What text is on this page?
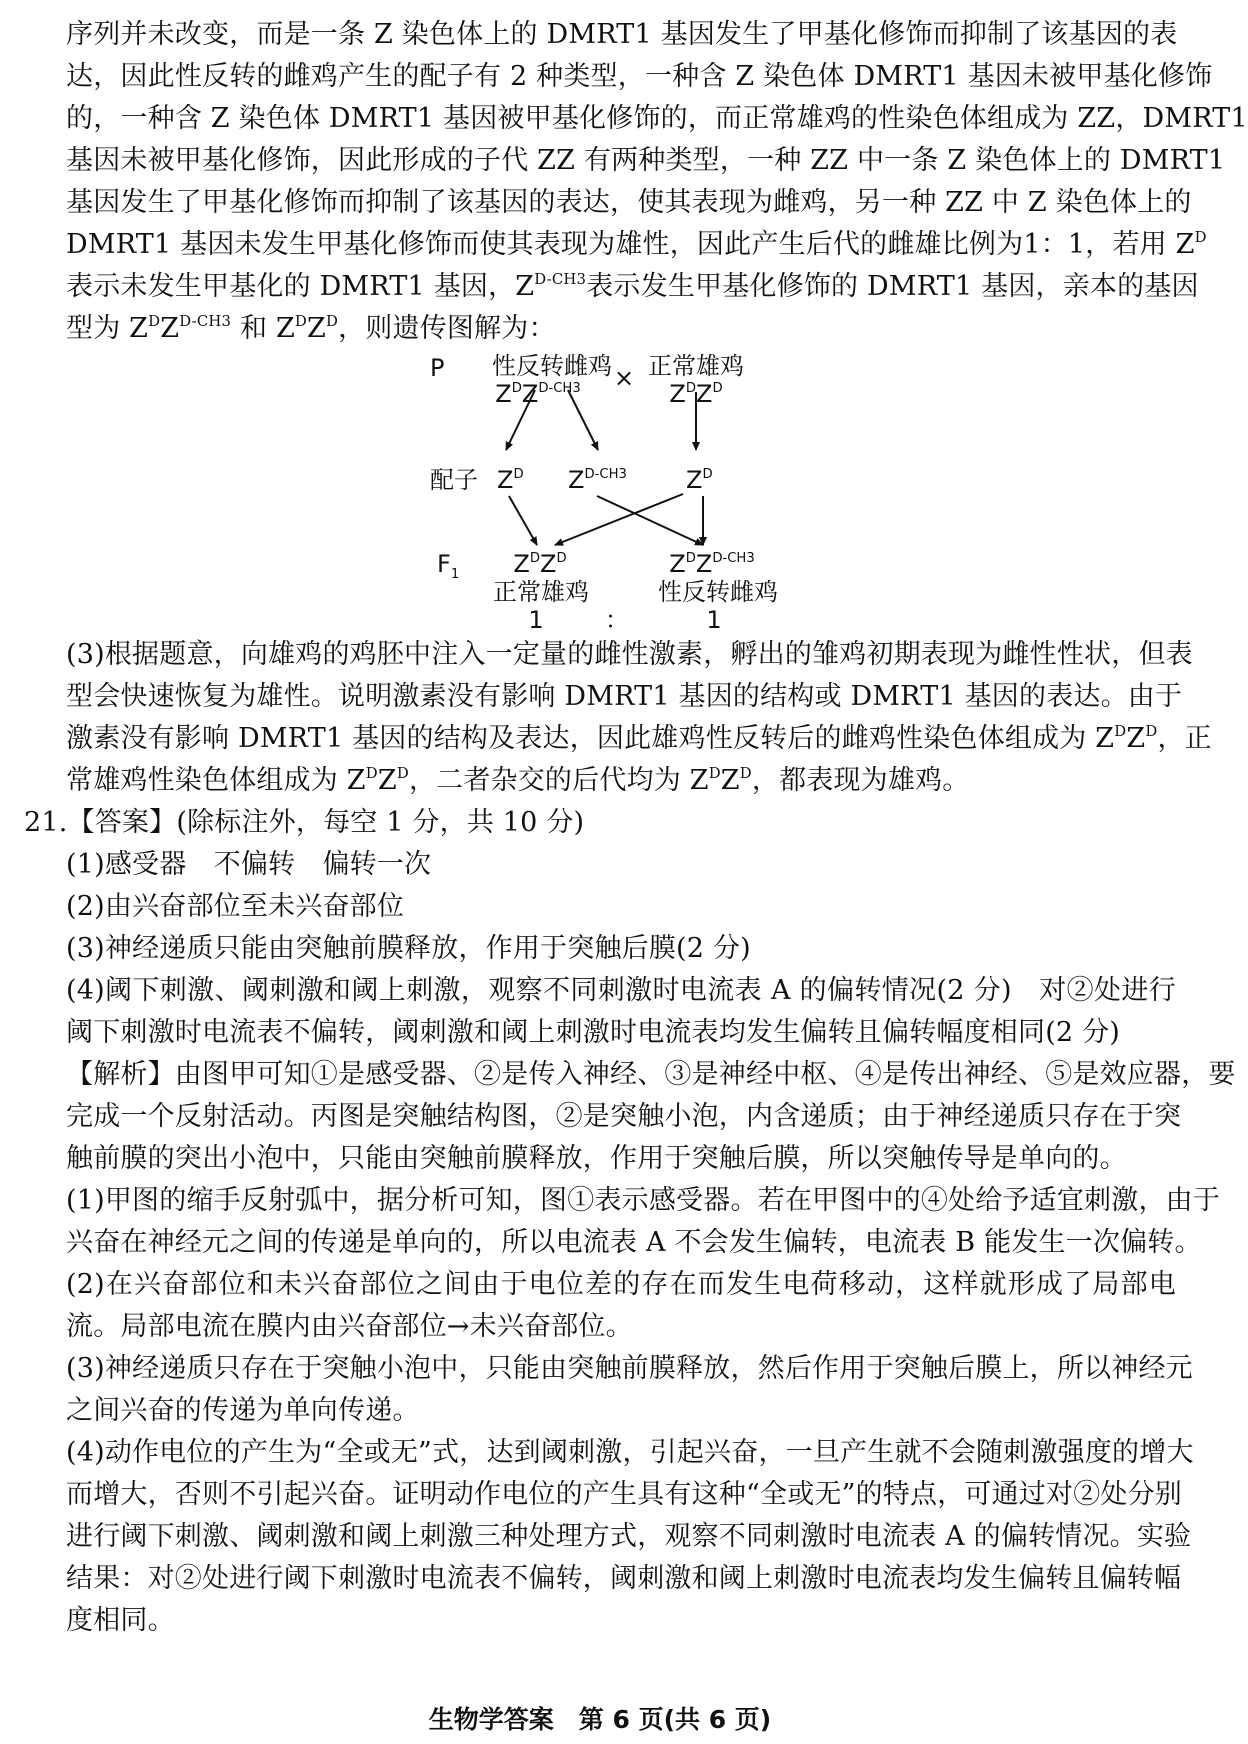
序列并未改变，而是一条 Z 染色体上的 DMRT1 基因发生了甲基化修饰而抑制了该基因的表
达，因此性反转的雌鸡产生的配子有 2 种类型，一种含 Z 染色体 DMRT1 基因未被甲基化修饰
的，一种含 Z 染色体 DMRT1 基因被甲基化修饰的，而正常雄鸡的性染色体组成为 ZZ，DMRT1
基因未被甲基化修饰，因此形成的子代 ZZ 有两种类型，一种 ZZ 中一条 Z 染色体上的 DMRT1
基因发生了甲基化修饰而抑制了该基因的表达，使其表现为雌鸡，另一种 ZZ 中 Z 染色体上的
DMRT1 基因未发生甲基化修饰而使其表现为雄性，因此产生后代的雌雄比例为1：1，若用 $Z^D$
表示未发生甲基化的 DMRT1 基因，$Z^{D-CH3}$表示发生甲基化修饰的 DMRT1 基因，亲本的基因
型为 $Z^DZ^{D-CH3}$ 和 $Z^DZ^D$，则遗传图解为：
P 性反转雌鸡
$Z^DZ^{D-CH3}$ × 正常雄鸡
$Z^DZ^D$
配子 $Z^D$ $Z^{D-CH3}$ $Z^D$
$F_1$ $Z^DZ^D$
正常雄鸡
$Z^DZ^{D-CH3}$
性反转雌鸡
1	：	1
(3)根据题意，向雄鸡的鸡胚中注入一定量的雌性激素，孵出的雏鸡初期表现为雌性性状，但表
型会快速恢复为雄性。说明激素没有影响 DMRT1 基因的结构或 DMRT1 基因的表达。由于
激素没有影响 DMRT1 基因的结构及表达，因此雄鸡性反转后的雌鸡性染色体组成为 $Z^DZ^D$，正
常雄鸡性染色体组成为 $Z^DZ^D$，二者杂交的后代均为 $Z^DZ^D$，都表现为雄鸡。
21.【答案】(除标注外，每空 1 分，共 10 分)
(1)感受器　不偏转　偏转一次
(2)由兴奋部位至未兴奋部位
(3)神经递质只能由突触前膜释放，作用于突触后膜(2 分)
(4)阈下刺激、阈刺激和阈上刺激，观察不同刺激时电流表 A 的偏转情况(2 分)　对②处进行
阈下刺激时电流表不偏转，阈刺激和阈上刺激时电流表均发生偏转且偏转幅度相同(2 分)
【解析】由图甲可知①是感受器、②是传入神经、③是神经中枢、④是传出神经、⑤是效应器，要
完成一个反射活动。丙图是突触结构图，②是突触小泡，内含递质；由于神经递质只存在于突
触前膜的突出小泡中，只能由突触前膜释放，作用于突触后膜，所以突触传导是单向的。
(1)甲图的缩手反射弧中，据分析可知，图①表示感受器。若在甲图中的④处给予适宜刺激，由于
兴奋在神经元之间的传递是单向的，所以电流表 A 不会发生偏转，电流表 B 能发生一次偏转。
(2)在兴奋部位和未兴奋部位之间由于电位差的存在而发生电荷移动，这样就形成了局部电
流。局部电流在膜内由兴奋部位→未兴奋部位。
(3)神经递质只存在于突触小泡中，只能由突触前膜释放，然后作用于突触后膜上，所以神经元
之间兴奋的传递为单向传递。
(4)动作电位的产生为“全或无”式，达到阈刺激，引起兴奋，一旦产生就不会随刺激强度的增大
而增大，否则不引起兴奋。证明动作电位的产生具有这种“全或无”的特点，可通过对②处分别
进行阈下刺激、阈刺激和阈上刺激三种处理方式，观察不同刺激时电流表 A 的偏转情况。实验
结果：对②处进行阈下刺激时电流表不偏转，阈刺激和阈上刺激时电流表均发生偏转且偏转幅
度相同。
生物学答案　第 6 页(共 6 页)
